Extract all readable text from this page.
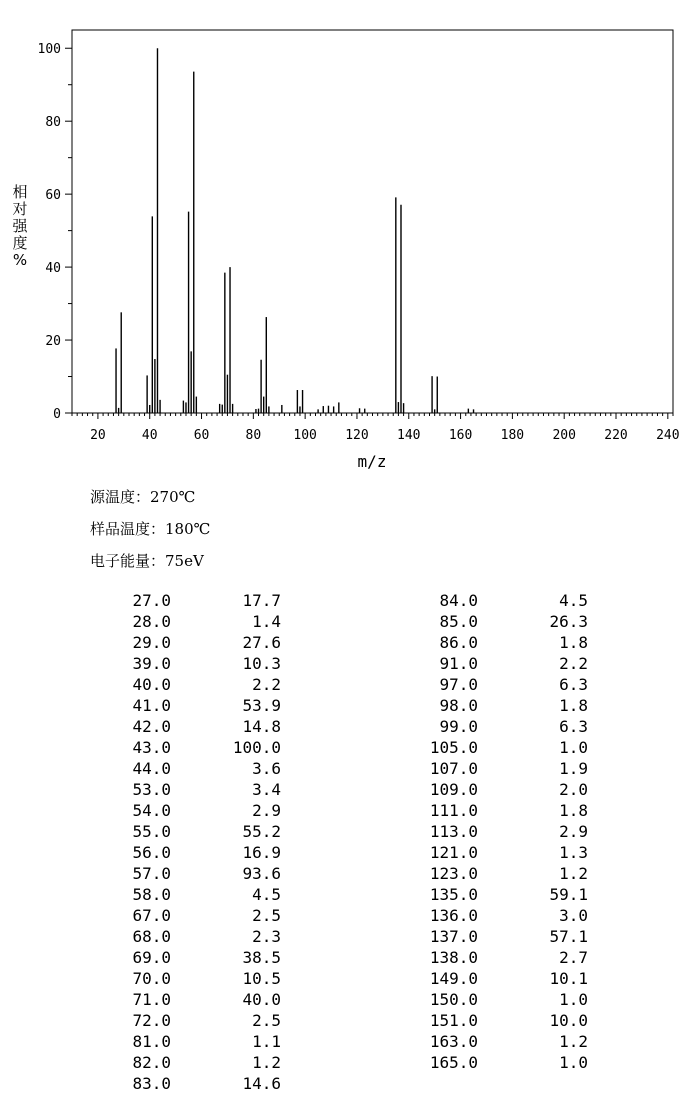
0
20
40
60
80
100
20	40	60	80 100 120 140 160 180 200 220 240
相对强度%
m/z
源温度：270℃
样品温度：180℃
电子能量：75eV
27.0	17.7
28.0	1.4
29.0	27.6
39.0	10.3
40.0	2.2
41.0	53.9
42.0	14.8
43.0	100.0
44.0	3.6
53.0	3.4
54.0	2.9
55.0	55.2
56.0	16.9
57.0	93.6
58.0	4.5
67.0	2.5
68.0	2.3
69.0	38.5
70.0	10.5
71.0	40.0
72.0	2.5
81.0	1.1
82.0	1.2
83.0	14.6
84.0	4.5
85.0	26.3
86.0	1.8
91.0	2.2
97.0	6.3
98.0	1.8
99.0	6.3
105.0	1.0
107.0	1.9
109.0	2.0
111.0	1.8
113.0	2.9
121.0	1.3
123.0	1.2
135.0	59.1
136.0	3.0
137.0	57.1
138.0	2.7
149.0	10.1
150.0	1.0
151.0	10.0
163.0	1.2
165.0	1.0
